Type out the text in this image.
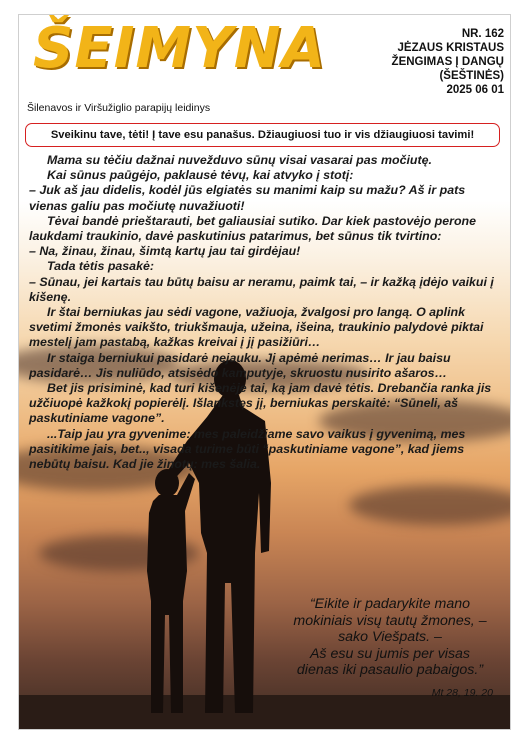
ŠEIMYNA	NR. 162
JĖZAUS KRISTAUS
ŽENGIMAS Į DANGŲ
(ŠEŠTINĖS)
2025 06 01
Šilenavos ir Viršužiglio parapijų leidinys
Sveikinu tave, tėti! Į tave esu panašus. Džiaugiuosi tuo ir vis džiaugiuosi tavimi!

Mama su tėčiu dažnai nuvežduvo sūnų visai vasarai pas močiutę.

Kai sūnus paūgėjo, paklausė tėvų, kai atvyko į stotį:

– Juk aš jau didelis, kodėl jūs elgiatės su manimi kaip su mažu? Aš ir pats vienas galiu pas močiutę nuvažiuoti!

Tėvai bandė prieštarauti, bet galiausiai sutiko. Dar kiek pastovėjo perone laukdami traukinio, davė paskutinius patarimus, bet sūnus tik tvirtino:

– Na, žinau, žinau, šimtą kartų jau tai girdėjau!

Tada tėtis pasakė:

– Sūnau, jei kartais tau būtų baisu ar neramu, paimk tai, – ir kažką įdėjo vaikui į kišenę.

Ir štai berniukas jau sėdi vagone, važiuoja, žvalgosi pro langą. O aplink svetimi žmonės vaikšto, triukšmauja, užeina, išeina, traukinio palydovė piktai mestelį jam pastabą, kažkas kreivai į jį pasižiūri…

Ir staiga berniukui pasidarė nejauku. Jį apėmė nerimas… Ir jau baisu pasidarė… Jis nuliūdo, atsisėdo kamputyje, skruostu nusirito ašaros…

Bet jis prisiminė, kad turi kišenėje tai, ką jam davė tėtis. Drebančia ranka jis užčiuopė kažkokį popierėlį. Išlankstęs jį, berniukas perskaitė: “Sūneli, aš paskutiniame vagone”.

...Taip jau yra gyvenime: mes paleidžiame savo vaikus į gyvenimą, mes pasitikime jais, bet.., visada turime būti “paskutiniame vagone”, kad jiems nebūtų baisu. Kad jie žinotų: mes šalia.

“Eikite ir padarykite mano
mokiniais visų tautų žmones, –
sako Viešpats. –
Aš esu su jumis per visas
dienas iki pasaulio pabaigos.”
Mt 28, 19. 20
